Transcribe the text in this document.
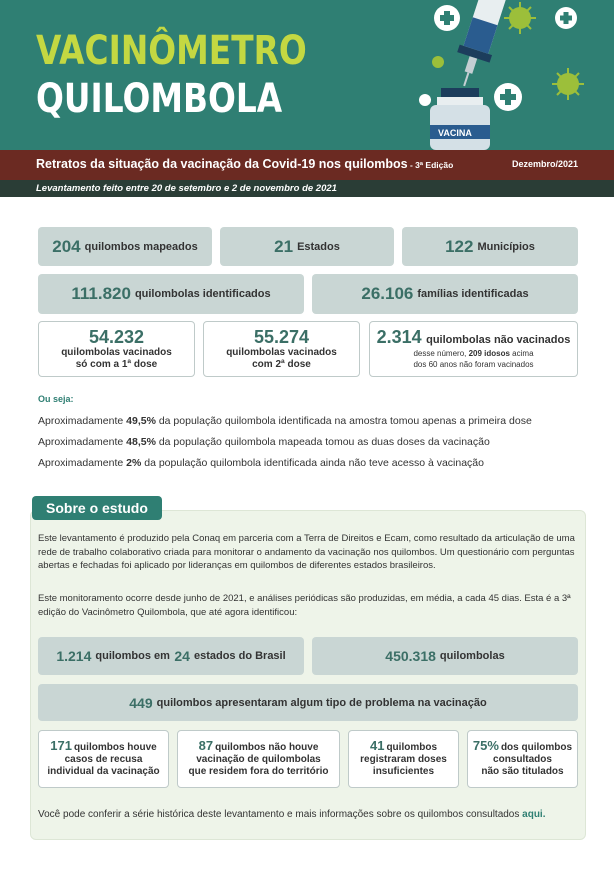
VACINA
VACINÔMETRO
QUILOMBOLA
Retratos da situação da vacinação da Covid-19 nos quilombos - 3ª Edição	Dezembro/2021
Levantamento feito entre 20 de setembro e 2 de novembro de 2021
204 quilombos mapeados	21 Estados	122 Municípios
111.820 quilombolas identificados	26.106 famílias identificadas
54.232
quilombolas vacinados
só com a 1ª dose
55.274
quilombolas vacinados
com 2ª dose
2.314 quilombolas não vacinados
desse número, 209 idosos acima
dos 60 anos não foram vacinados
Ou seja:
Aproximadamente 49,5% da população quilombola identificada na amostra tomou apenas a primeira dose
Aproximadamente 48,5% da população quilombola mapeada tomou as duas doses da vacinação
Aproximadamente 2% da população quilombola identificada ainda não teve acesso à vacinação
Sobre o estudo
Este levantamento é produzido pela Conaq em parceria com a Terra de Direitos e Ecam, como resultado da articulação de uma rede de trabalho colaborativo criada para monitorar o andamento da vacinação nos quilombos. Um questionário com perguntas abertas e fechadas foi aplicado por lideranças em quilombos de diferentes estados brasileiros.
Este monitoramento ocorre desde junho de 2021, e análises periódicas são produzidas, em média, a cada 45 dias. Esta é a 3ª edição do Vacinômetro Quilombola, que até agora identificou:
1.214 quilombos em
24 estados do Brasil	450.318 quilombolas
449 quilombos apresentaram algum tipo de problema na vacinação
171 quilombos houve
casos de recusa
individual da vacinação
87 quilombos não houve
vacinação de quilombolas
que residem fora do território
41 quilombos
registraram doses
insuficientes
75% dos quilombos
consultados
não são titulados
Você pode conferir a série histórica deste levantamento e mais informações sobre os quilombos consultados aqui.
